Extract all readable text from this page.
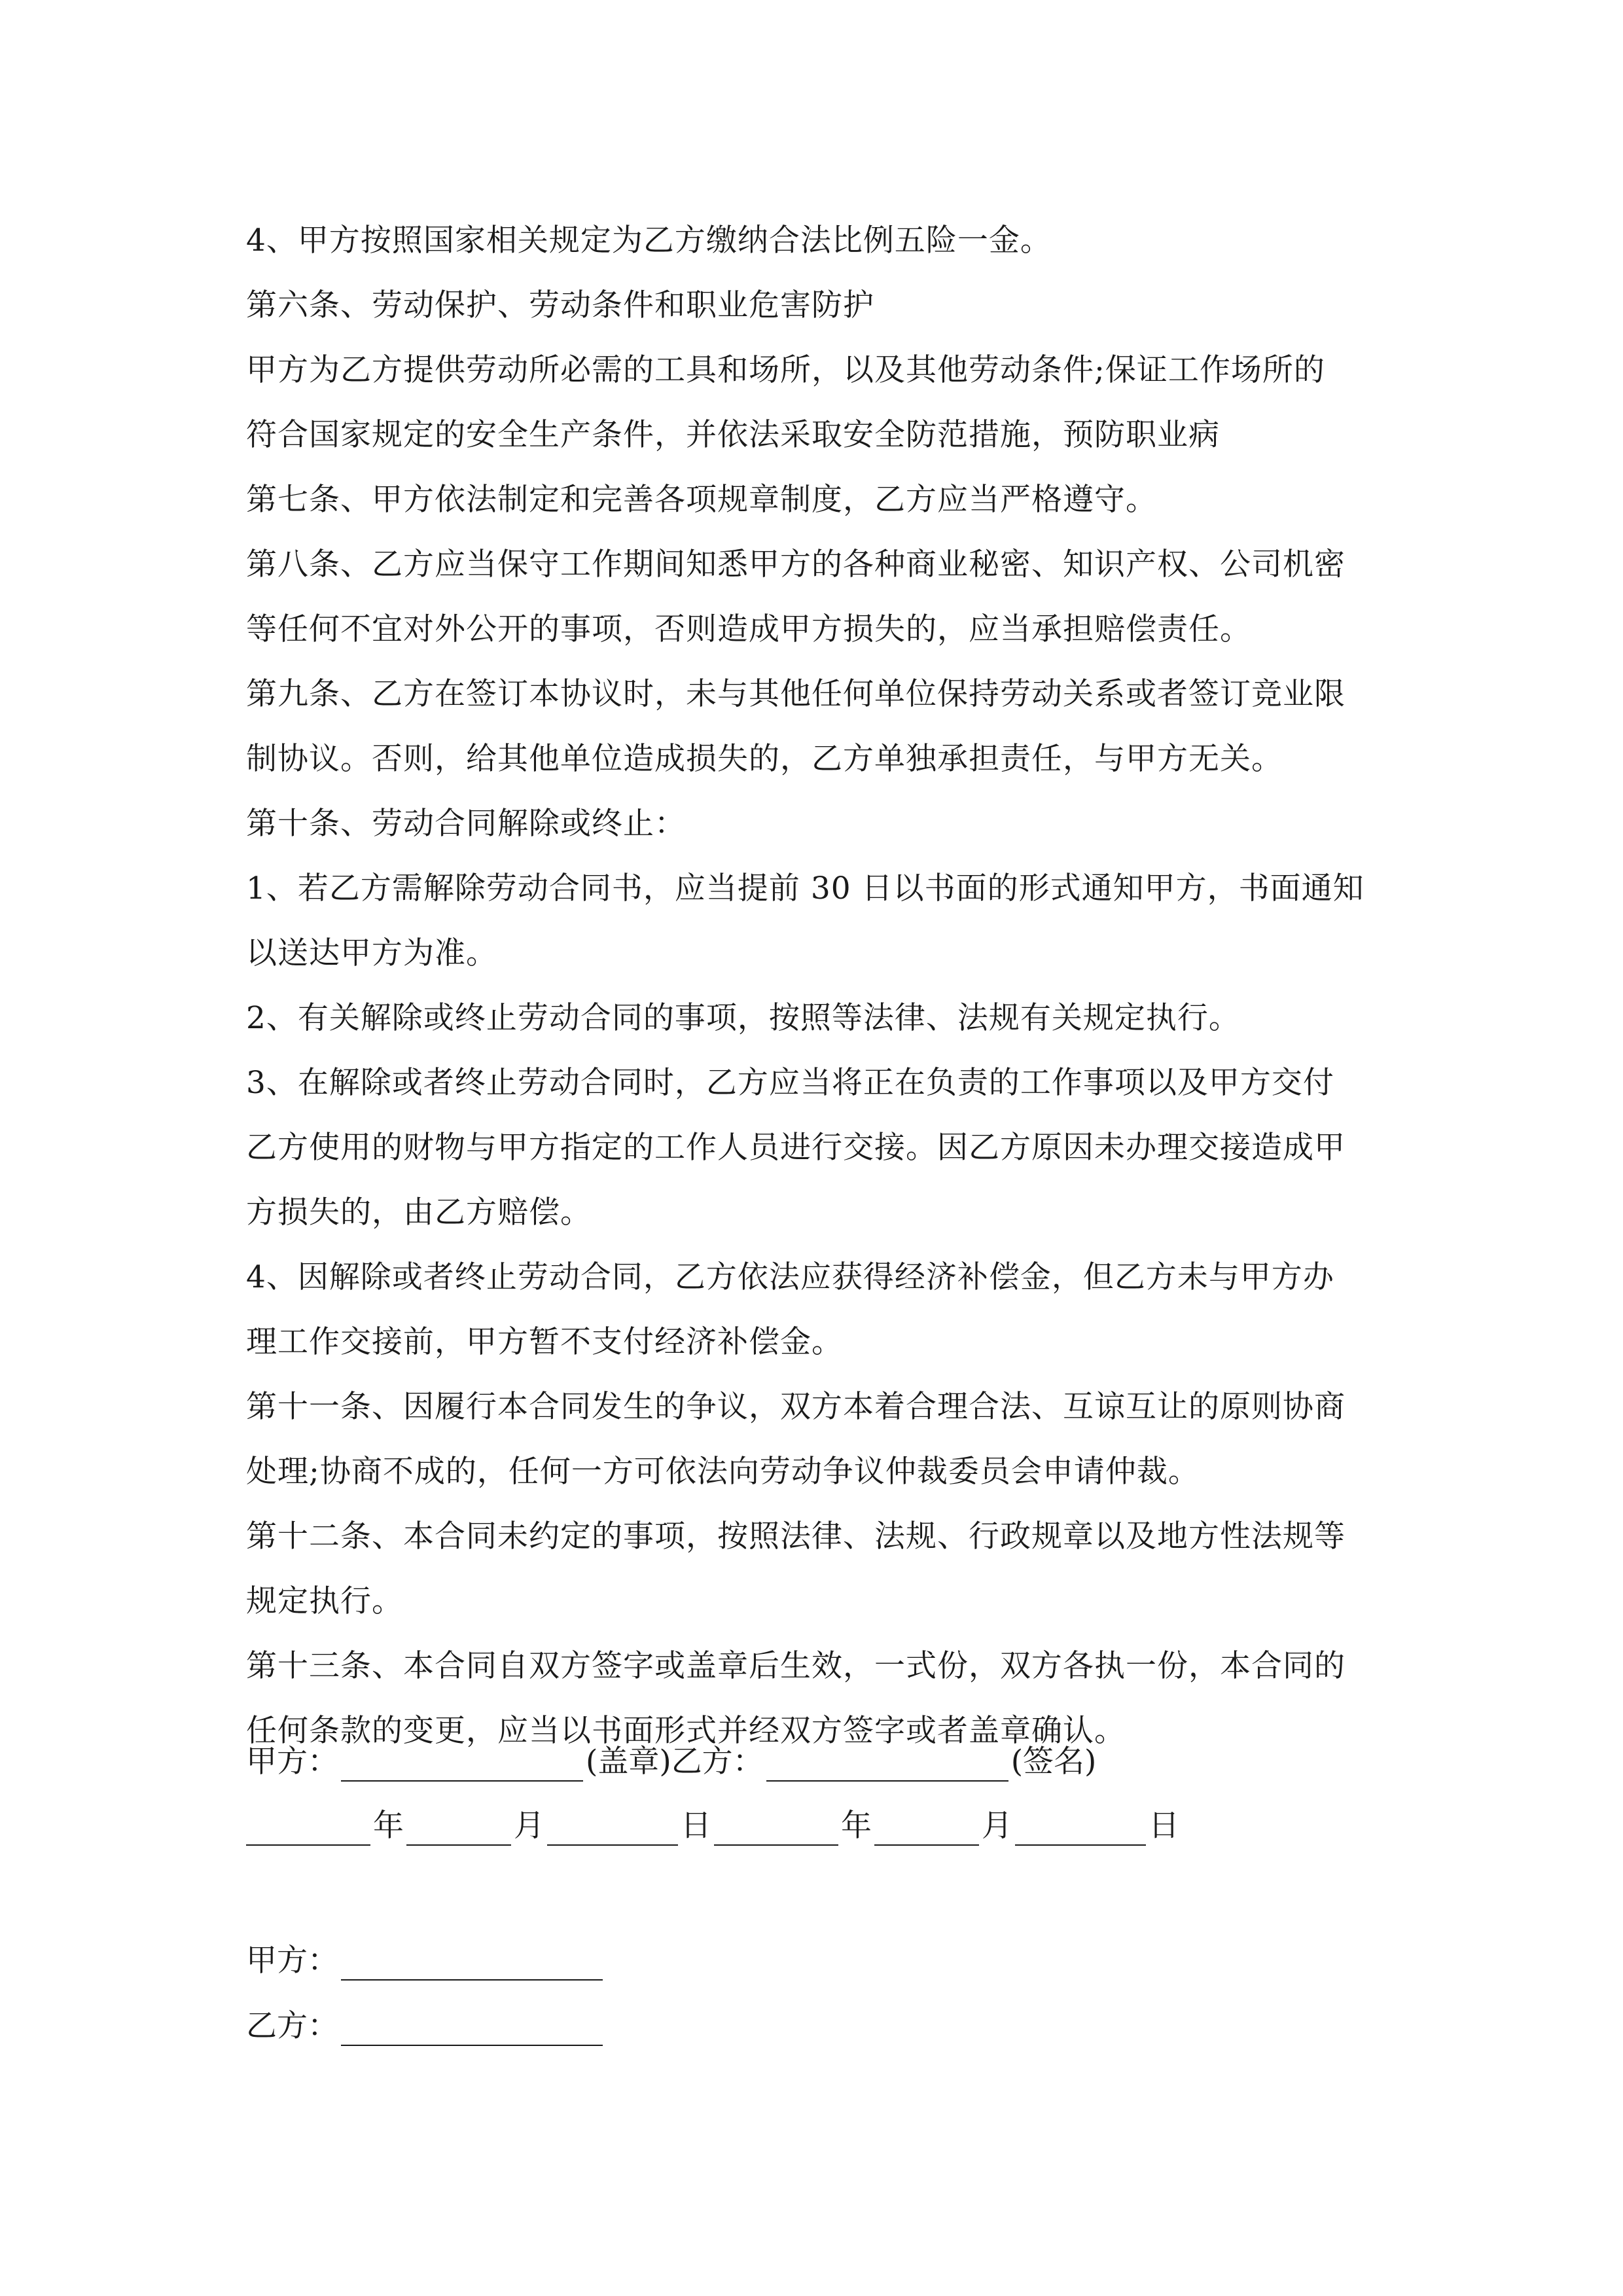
4、甲方按照国家相关规定为乙方缴纳合法比例五险一金。

第六条、劳动保护、劳动条件和职业危害防护

甲方为乙方提供劳动所必需的工具和场所，以及其他劳动条件;保证工作场所的
符合国家规定的安全生产条件，并依法采取安全防范措施，预防职业病

第七条、甲方依法制定和完善各项规章制度，乙方应当严格遵守。

第八条、乙方应当保守工作期间知悉甲方的各种商业秘密、知识产权、公司机密
等任何不宜对外公开的事项，否则造成甲方损失的，应当承担赔偿责任。

第九条、乙方在签订本协议时，未与其他任何单位保持劳动关系或者签订竞业限
制协议。否则，给其他单位造成损失的，乙方单独承担责任，与甲方无关。

第十条、劳动合同解除或终止：

1、若乙方需解除劳动合同书，应当提前 30 日以书面的形式通知甲方，书面通知
以送达甲方为准。

2、有关解除或终止劳动合同的事项，按照等法律、法规有关规定执行。

3、在解除或者终止劳动合同时，乙方应当将正在负责的工作事项以及甲方交付
乙方使用的财物与甲方指定的工作人员进行交接。因乙方原因未办理交接造成甲
方损失的，由乙方赔偿。

4、因解除或者终止劳动合同，乙方依法应获得经济补偿金，但乙方未与甲方办
理工作交接前，甲方暂不支付经济补偿金。

第十一条、因履行本合同发生的争议，双方本着合理合法、互谅互让的原则协商
处理;协商不成的，任何一方可依法向劳动争议仲裁委员会申请仲裁。

第十二条、本合同未约定的事项，按照法律、法规、行政规章以及地方性法规等
规定执行。

第十三条、本合同自双方签字或盖章后生效，一式份，双方各执一份，本合同的
任何条款的变更，应当以书面形式并经双方签字或者盖章确认。

甲方：	(盖章) 乙方：	(签名)
年	月	日	年	月	日
甲方：
乙方：
